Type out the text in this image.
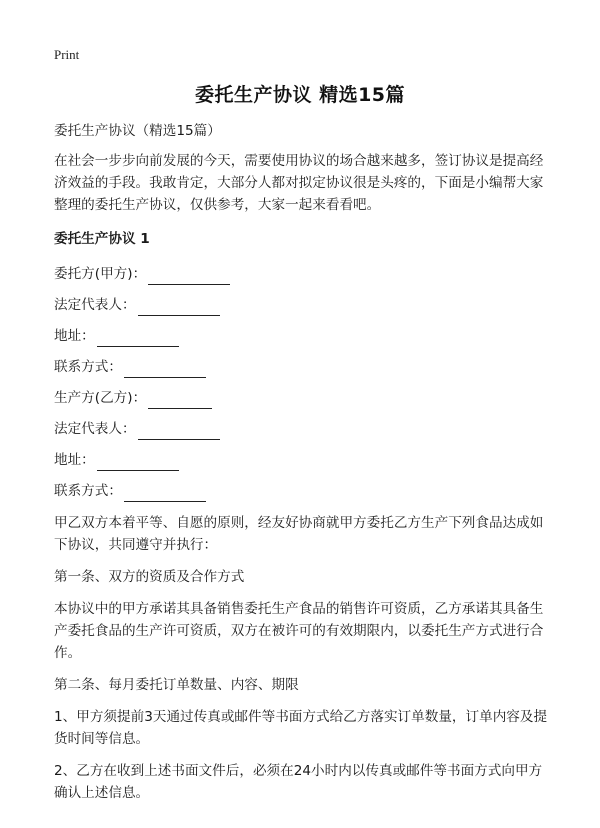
Print
委托生产协议 精选15篇

委托生产协议（精选15篇）

在社会一步步向前发展的今天，需要使用协议的场合越来越多，签订协议是提高经济效益的手段。我敢肯定，大部分人都对拟定协议很是头疼的，下面是小编帮大家整理的委托生产协议，仅供参考，大家一起来看看吧。

委托生产协议 1

委托方(甲方)：
法定代表人：
地址：
联系方式：
生产方(乙方)：
法定代表人：
地址：
联系方式：

甲乙双方本着平等、自愿的原则，经友好协商就甲方委托乙方生产下列食品达成如下协议，共同遵守并执行：

第一条、双方的资质及合作方式

本协议中的甲方承诺其具备销售委托生产食品的销售许可资质，乙方承诺其具备生产委托食品的生产许可资质，双方在被许可的有效期限内，以委托生产方式进行合作。

第二条、每月委托订单数量、内容、期限

1、甲方须提前3天通过传真或邮件等书面方式给乙方落实订单数量，订单内容及提货时间等信息。

2、乙方在收到上述书面文件后，必须在24小时内以传真或邮件等书面方式向甲方确认上述信息。
